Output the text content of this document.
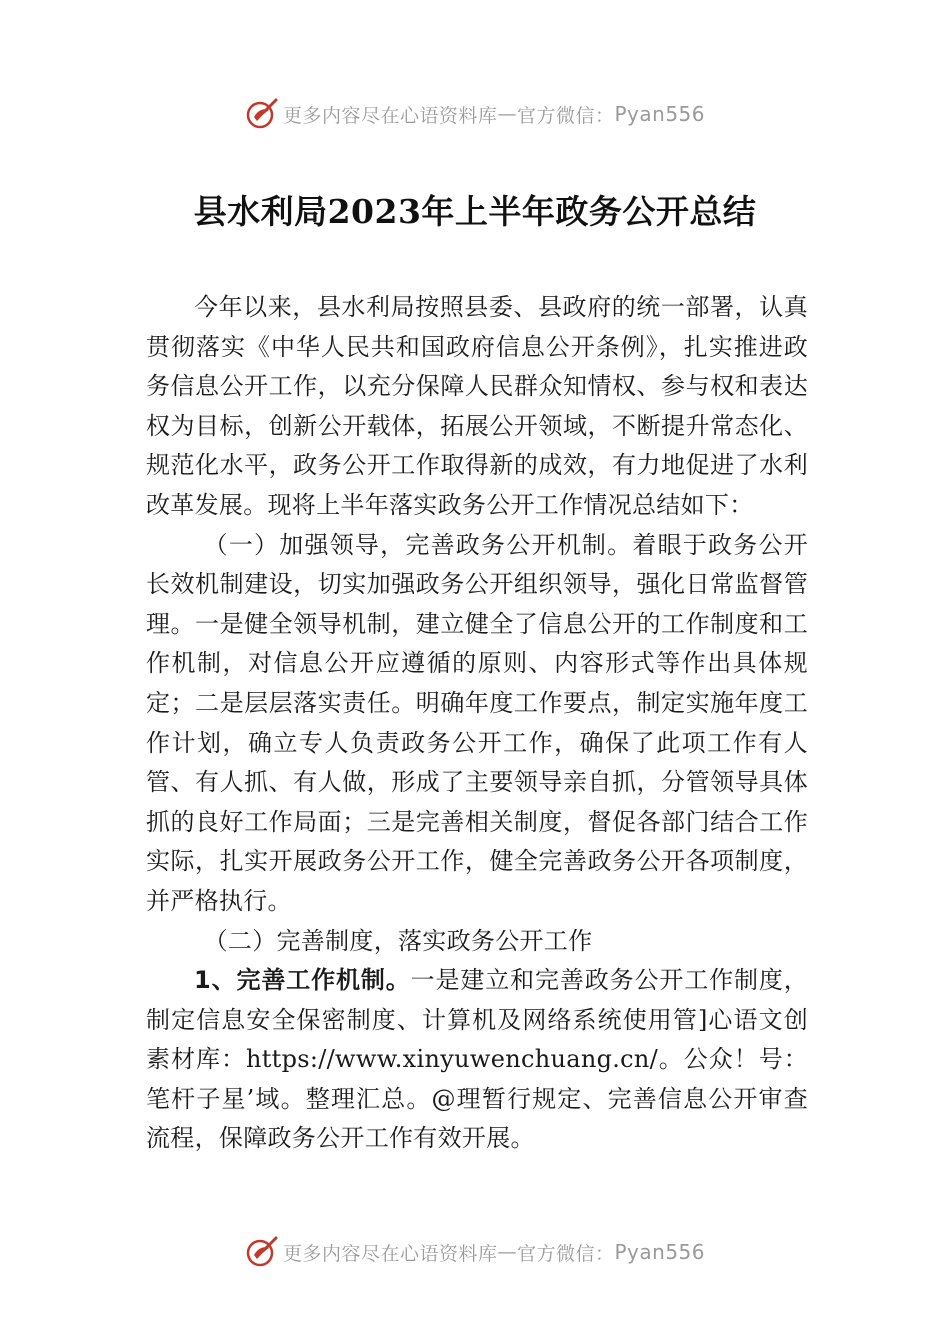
更多内容尽在心语资料库 — 官方微信： Pyan556
县水利局2023年上半年政务公开总结

今年以来，县水利局按照县委、县政府的统一部署，认真贯彻落实《中华人民共和国政府信息公开条例》，扎实推进政务信息公开工作，以充分保障人民群众知情权、参与权和表达权为目标，创新公开载体，拓展公开领域，不断提升常态化、规范化水平，政务公开工作取得新的成效，有力地促进了水利改革发展。现将上半年落实政务公开工作情况总结如下：

（一）加强领导，完善政务公开机制。着眼于政务公开长效机制建设，切实加强政务公开组织领导，强化日常监督管理。一是健全领导机制，建立健全了信息公开的工作制度和工作机制，对信息公开应遵循的原则、内容形式等作出具体规定；二是层层落实责任。明确年度工作要点，制定实施年度工作计划，确立专人负责政务公开工作，确保了此项工作有人管、有人抓、有人做，形成了主要领导亲自抓，分管领导具体抓的良好工作局面；三是完善相关制度，督促各部门结合工作实际，扎实开展政务公开工作，健全完善政务公开各项制度，并严格执行。

（二）完善制度，落实政务公开工作

1、完善工作机制。一是建立和完善政务公开工作制度，制定信息安全保密制度、计算机及网络系统使用管]心语文创素材库：https://www.xinyuwenchuang.cn/。公众！号：笔杆子星’域。整理汇总。@理暂行规定、完善信息公开审查流程，保障政务公开工作有效开展。

更多内容尽在心语资料库 — 官方微信： Pyan556
